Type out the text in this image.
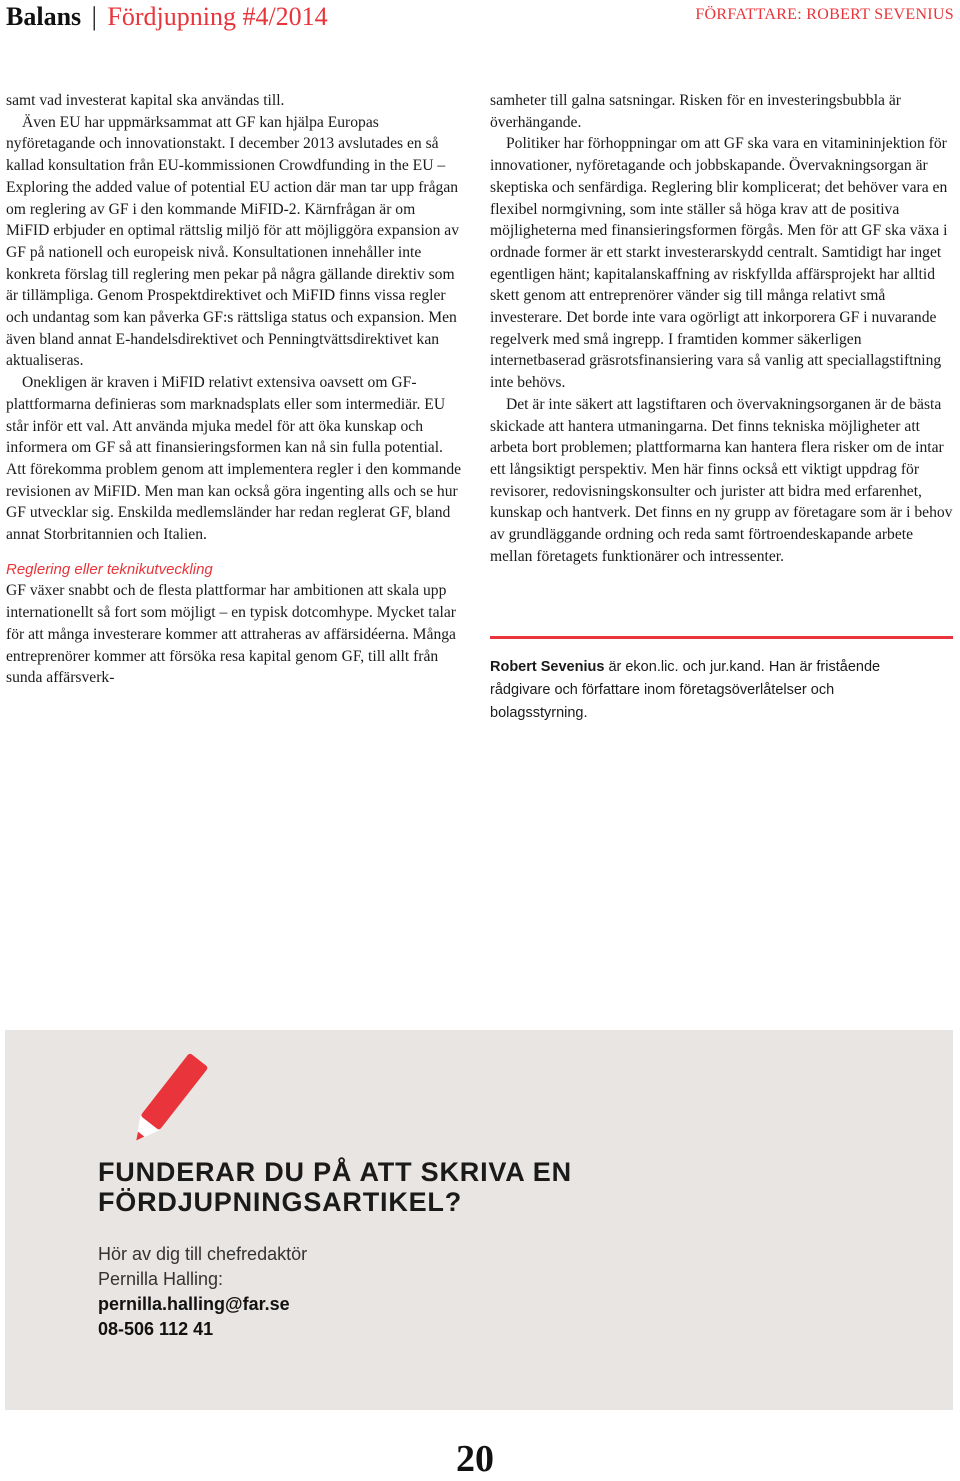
Balans | Fördjupning #4/2014	FÖRFATTARE: ROBERT SEVENIUS

samt vad investerat kapital ska användas till.

Även EU har uppmärksammat att GF kan hjälpa Europas nyföretagande och innovationstakt. I december 2013 avslutades en så kallad konsultation från EU-kommissionen Crowdfunding in the EU – Exploring the added value of potential EU action där man tar upp frågan om reglering av GF i den kommande MiFID-2. Kärnfrågan är om MiFID erbjuder en optimal rättslig miljö för att möjliggöra expansion av GF på nationell och europeisk nivå. Konsultationen innehåller inte konkreta förslag till reglering men pekar på några gällande direktiv som är tillämpliga. Genom Prospektdirektivet och MiFID finns vissa regler och undantag som kan påverka GF:s rättsliga status och expansion. Men även bland annat E-handelsdirektivet och Penningtvättsdirektivet kan aktualiseras.

Onekligen är kraven i MiFID relativt extensiva oavsett om GF-plattformarna definieras som marknadsplats eller som intermediär. EU står inför ett val. Att använda mjuka medel för att öka kunskap och informera om GF så att finansieringsformen kan nå sin fulla potential. Att förekomma problem genom att implementera regler i den kommande revisionen av MiFID. Men man kan också göra ingenting alls och se hur GF utvecklar sig. Enskilda medlemsländer har redan reglerat GF, bland annat Storbritannien och Italien.

Reglering eller teknikutveckling

GF växer snabbt och de flesta plattformar har ambitionen att skala upp internationellt så fort som möjligt – en typisk dotcomhype. Mycket talar för att många investerare kommer att attraheras av affärsidéerna. Många entreprenörer kommer att försöka resa kapital genom GF, till allt från sunda affärsverk-

samheter till galna satsningar. Risken för en investeringsbubbla är överhängande.

Politiker har förhoppningar om att GF ska vara en vitamininjektion för innovationer, nyföretagande och jobbskapande. Övervakningsorgan är skeptiska och senfärdiga. Reglering blir komplicerat; det behöver vara en flexibel normgivning, som inte ställer så höga krav att de positiva möjligheterna med finansieringsformen förgås. Men för att GF ska växa i ordnade former är ett starkt investerarskydd centralt. Samtidigt har inget egentligen hänt; kapitalanskaffning av riskfyllda affärsprojekt har alltid skett genom att entreprenörer vänder sig till många relativt små investerare. Det borde inte vara ogörligt att inkorporera GF i nuvarande regelverk med små ingrepp. I framtiden kommer säkerligen internetbaserad gräsrotsfinansiering vara så vanlig att speciallagstiftning inte behövs.

Det är inte säkert att lagstiftaren och övervakningsorganen är de bästa skickade att hantera utmaningarna. Det finns tekniska möjligheter att arbeta bort problemen; plattformarna kan hantera flera risker om de intar ett långsiktigt perspektiv. Men här finns också ett viktigt uppdrag för revisorer, redovisningskonsulter och jurister att bidra med erfarenhet, kunskap och hantverk. Det finns en ny grupp av företagare som är i behov av grundläggande ordning och reda samt förtroendeskapande arbete mellan företagets funktionärer och intressenter.

Robert Sevenius är ekon.lic. och jur.kand. Han är fristående rådgivare och författare inom företagsöverlåtelser och bolagsstyrning.
FUNDERAR DU PÅ ATT SKRIVA EN FÖRDJUPNINGSARTIKEL?
Hör av dig till chefredaktör
Pernilla Halling:
pernilla.halling@far.se
08-506 112 41
20
